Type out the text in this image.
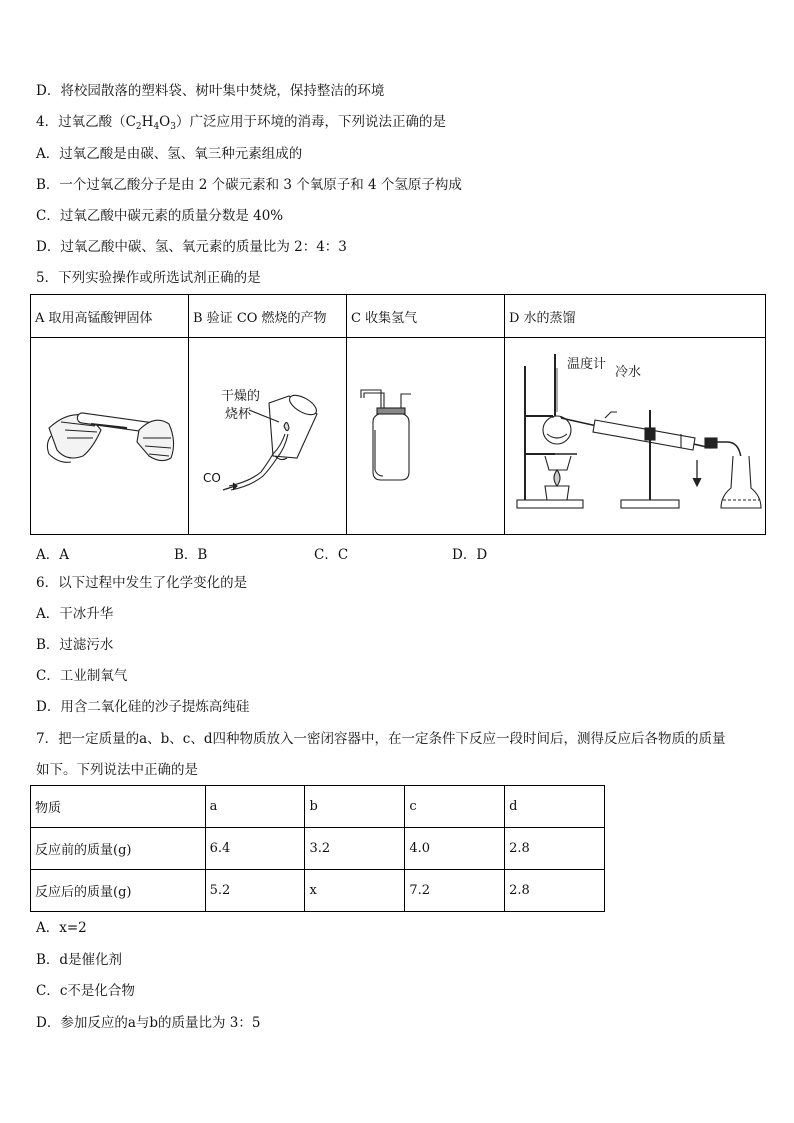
D．将校园散落的塑料袋、树叶集中焚烧，保持整洁的环境
4．过氧乙酸$(C_2H_4O_3)$广泛应用于环境的消毒，下列说法正确的是
A．过氧乙酸是由碳、氢、氧三种元素组成的
B．一个过氧乙酸分子是由 2 个碳元素和 3 个氧原子和 4 个氢原子构成
C．过氧乙酸中碳元素的质量分数是 40%
D．过氧乙酸中碳、氢、氧元素的质量比为 2：4：3
5．下列实验操作或所选试剂正确的是
A 取用高锰酸钾固体	B 验证 CO 燃烧的产物	C 收集氢气	D 水的蒸馏

干燥的
烧杯
CO		温度计
冷水
A．A	B．B	C．C	D．D
6．以下过程中发生了化学变化的是
A．干冰升华
B．过滤污水
C．工业制氧气
D．用含二氧化硅的沙子提炼高纯硅
7．把一定质量的a、b、c、d四种物质放入一密闭容器中，在一定条件下反应一段时间后，测得反应后各物质的质量
如下。下列说法中正确的是
物质	a	b	c	d
反应前的质量(g)	6.4	3.2	4.0	2.8
反应后的质量(g)	5.2	x	7.2	2.8
A．x=2
B．d是催化剂
C．c不是化合物
D．参加反应的a与b的质量比为 3：5
